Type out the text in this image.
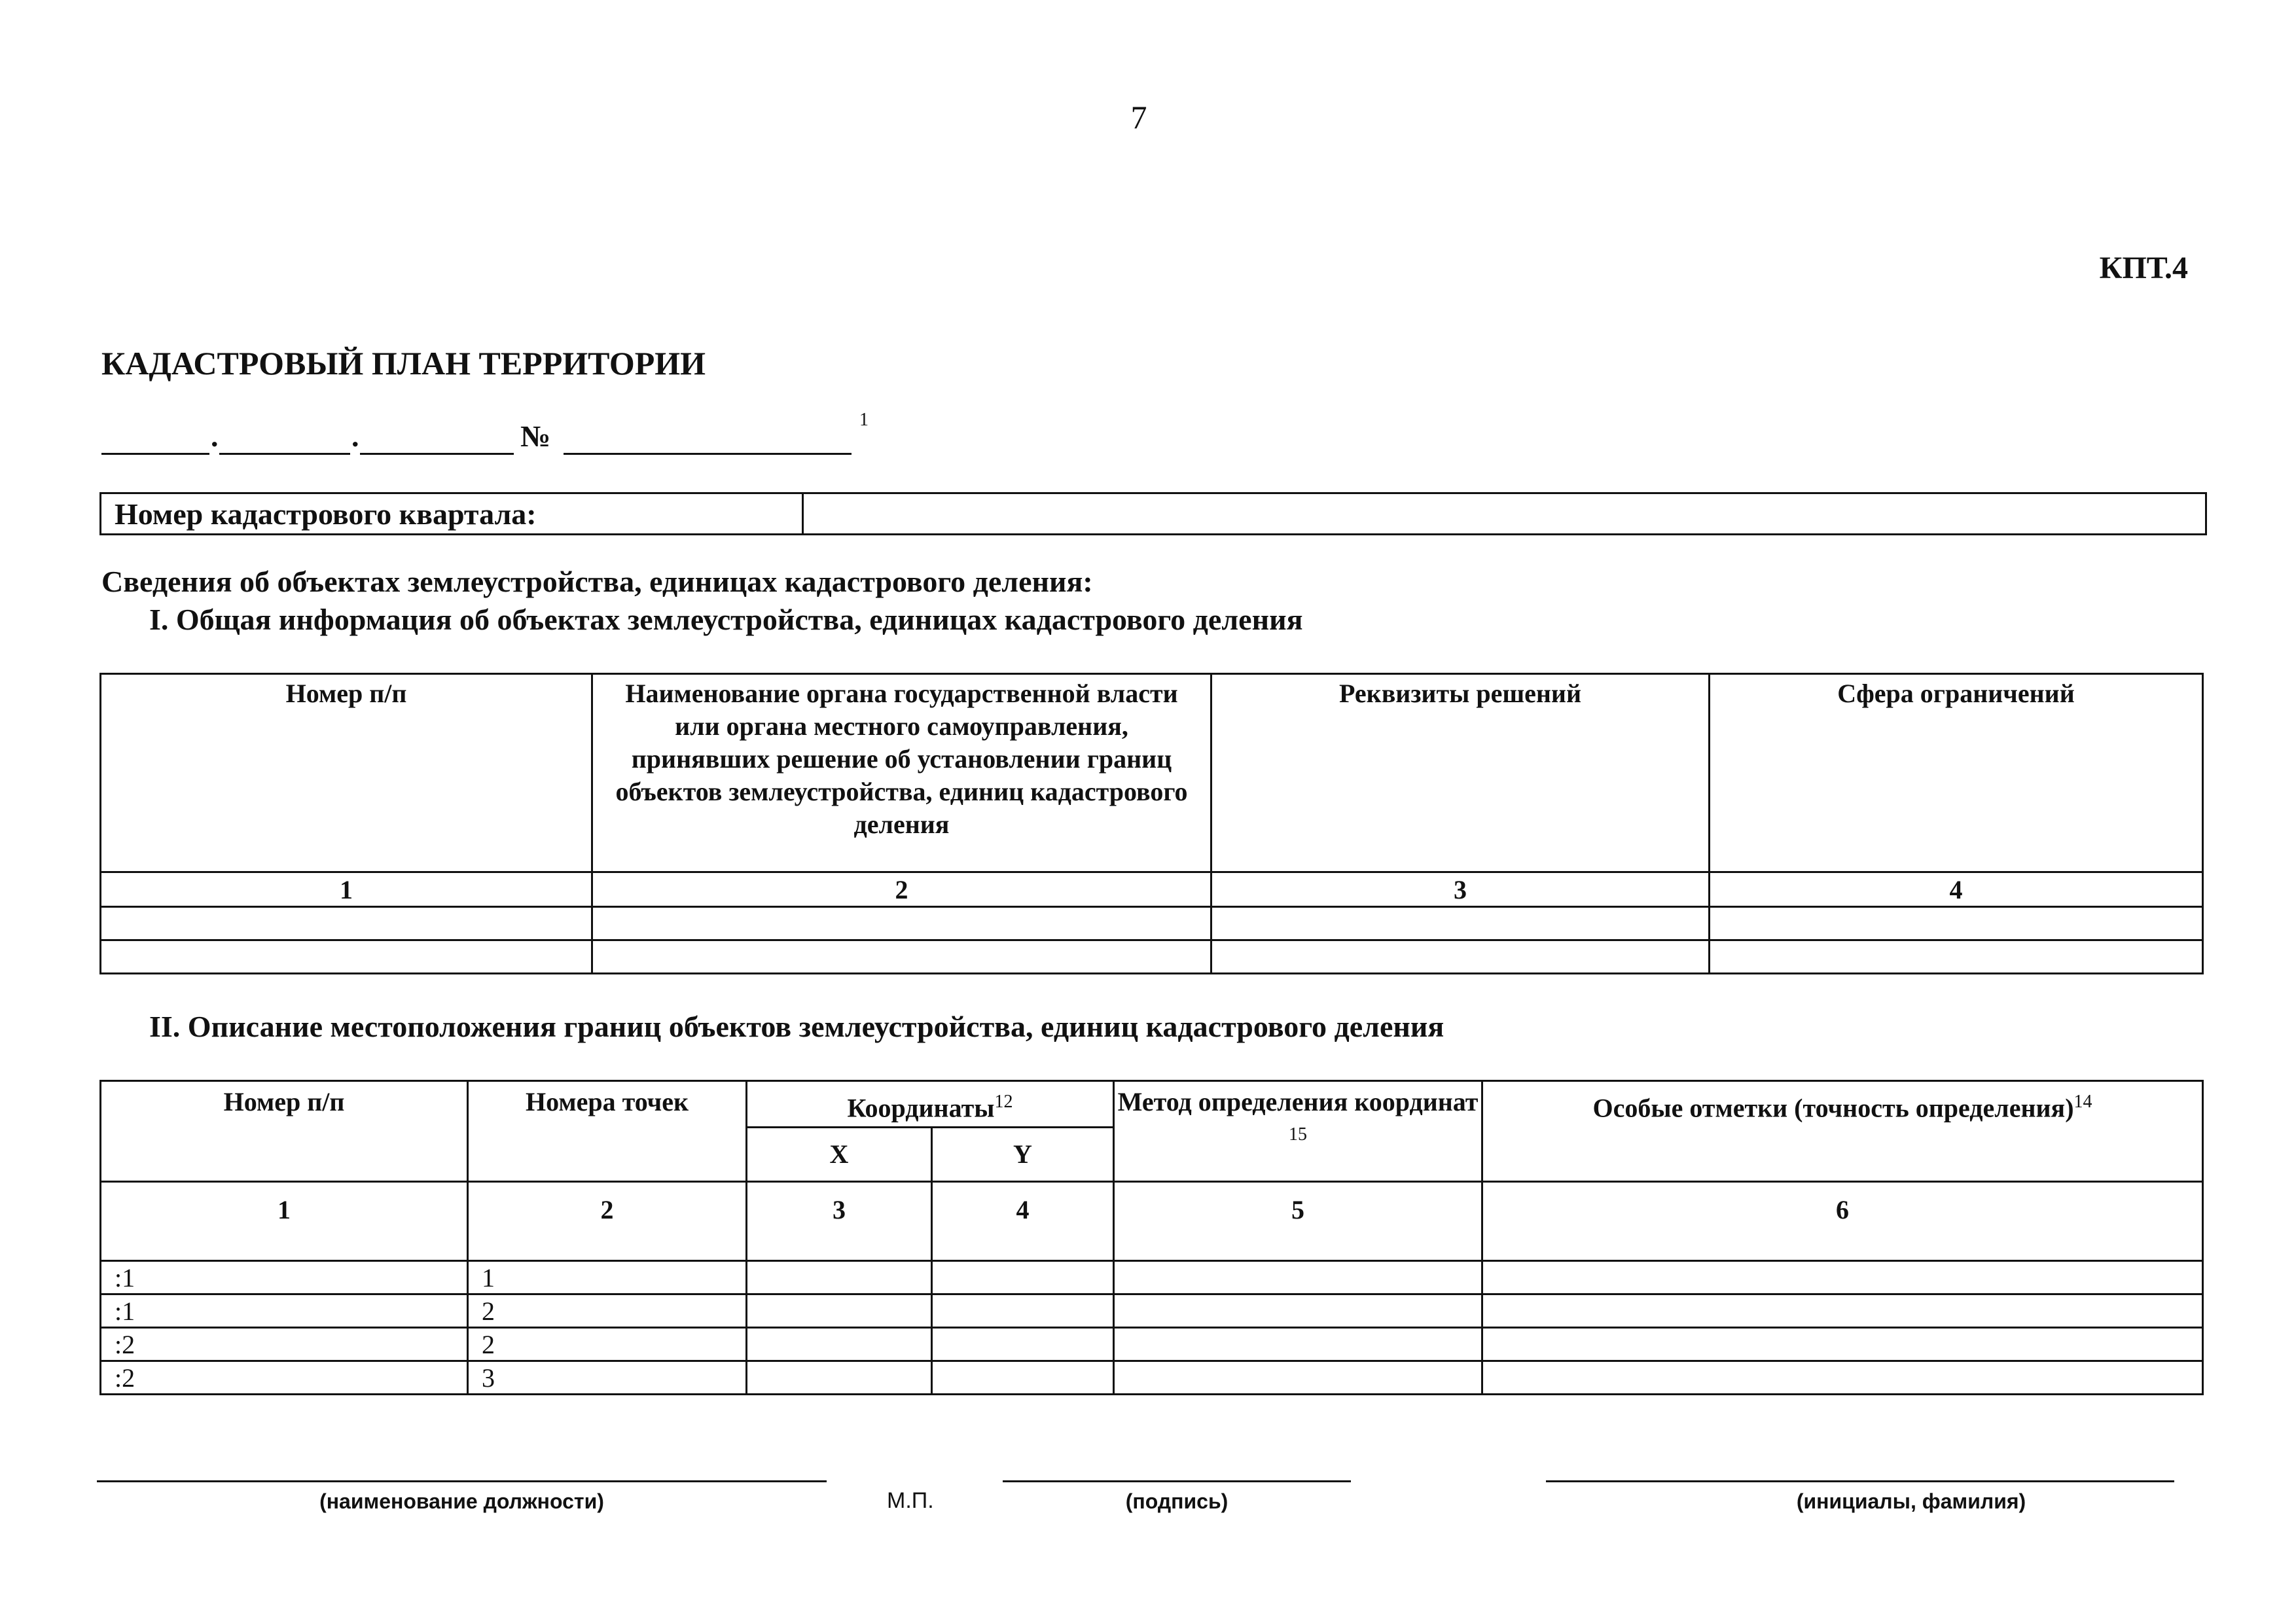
7
КПТ.4
КАДАСТРОВЫЙ ПЛАН ТЕРРИТОРИИ
.	.	№	1
Номер кадастрового квартала:	
Сведения об объектах землеустройства, единицах кадастрового деления:
I. Общая информация об объектах землеустройства, единицах кадастрового деления
Номер п/п	Наименование органа государственной власти или органа местного самоуправления, принявших решение об установлении границ объектов землеустройства, единиц кадастрового деления	Реквизиты решений	Сфера ограничений
1	2	3	4

II. Описание местоположения границ объектов землеустройства, единиц кадастрового деления
Номер п/п	Номера точек	Координаты$^{12}$		Метод определения координат $^{15}$	Особые отметки (точность определения)$^{14}$
		X	Y		
1	2	3	4	5	6
:1	1				
:1	2				
:2	2				
:2	3				
(наименование должности)	М.П.	(подпись)	(инициалы, фамилия)
